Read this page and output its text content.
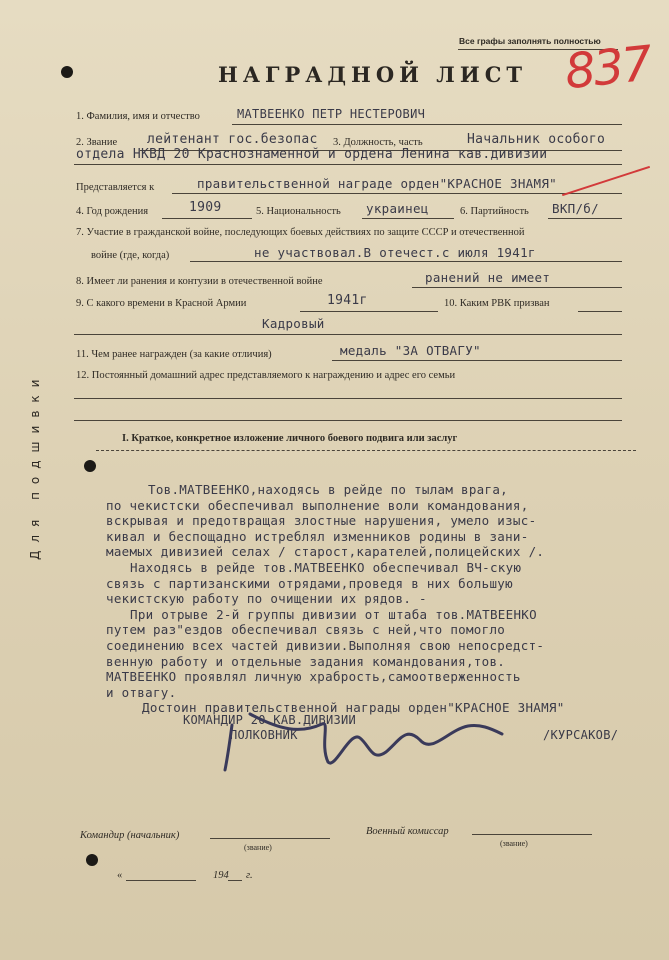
Все графы заполнять полностью
НАГРАДНОЙ ЛИСТ 837
Для подшивки
1. Фамилия, имя и отчество	МАТВЕЕНКО ПЕТР НЕСТЕРОВИЧ
2. Звание лейтенант гос.безопас 3. Должность, часть	Начальник особого
отдела НКВД 20 Краснознаменной и ордена Ленина кав.дивизии
Представляется к	правительственной награде орден"КРАСНОЕ ЗНАМЯ"
4. Год рождения	1909	5. Национальность украинец	6. Партийность ВКП/б/
7. Участие в гражданской войне, последующих боевых действиях по защите СССР и отечественной
войне (где, когда)	не участвовал.В отечест.с июля 1941г
8. Имеет ли ранения и контузии в отечественной войне	ранений не имеет
9. С какого времени в Красной Армии	1941г	10. Каким РВК призван
Кадровый
11. Чем ранее награжден (за какие отличия)	медаль "ЗА ОТВАГУ"
12. Постоянный домашний адрес представляемого к награждению и адрес его семьи
I. Краткое, конкретное изложение личного боевого подвига или заслуг
Тов.МАТВЕЕНКО,находясь в рейде по тылам врага,
по чекистски обеспечивал выполнение воли командования,
вскрывая и предотвращая злостные нарушения, умело изыс-
кивал и беспощадно истреблял изменников родины в зани-
маемых дивизией селах / старост,карателей,полицейских /.
Находясь в рейде тов.МАТВЕЕНКО обеспечивал ВЧ-скую
связь с партизанскими отрядами,проведя в них большую
чекистскую работу по очищении их рядов. -
При отрыве 2-й группы дивизии от штаба тов.МАТВЕЕНКО
путем раз"ездов обеспечивал связь с ней,что помогло
соединению всех частей дивизии.Выполняя свою непосредст-
венную работу и отдельные задания командования,тов.
МАТВЕЕНКО проявлял личную храбрость,самоотверженность
и отвагу.
Достоин правительственной награды орден"КРАСНОЕ ЗНАМЯ"
КОМАНДИР 20 КАВ.ДИВИЗИИ
ПОЛКОВНИК	/КУРСАКОВ/
Командир (начальник)
(звание)
Военный комиссар
(звание)
«	194 г.
